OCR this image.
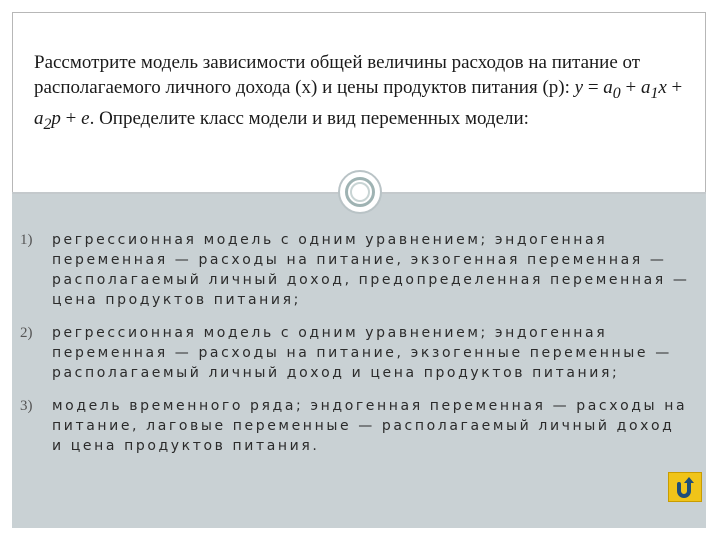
Рассмотрите модель зависимости общей величины расходов на питание от располагаемого личного дохода (x) и цены продуктов питания (p): $y = a_0 + a_1x + a_2p + e$. Определите класс модели и вид переменных модели:
1) регрессионная модель с одним уравнением; эндогенная переменная — расходы на питание, экзогенная переменная — располагаемый личный доход, предопределенная переменная — цена продуктов питания;
2) регрессионная модель с одним уравнением; эндогенная переменная — расходы на питание, экзогенные переменные — располагаемый личный доход и цена продуктов питания;
3) модель временного ряда; эндогенная переменная — расходы на питание, лаговые переменные — располагаемый личный доход и цена продуктов питания.
